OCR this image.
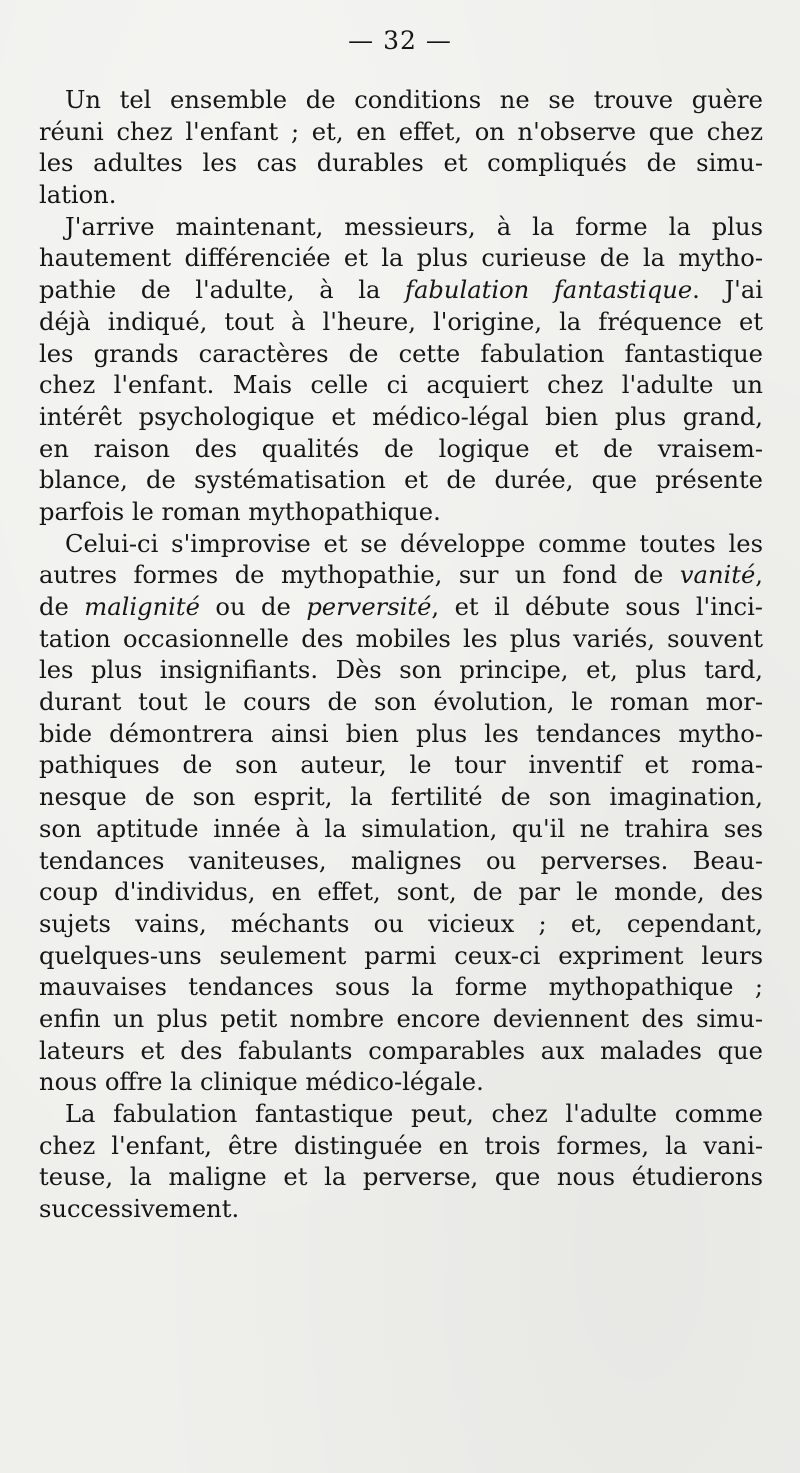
— 32 —
Un tel ensemble de conditions ne se trouve guère
réuni chez l'enfant ; et, en effet, on n'observe que chez
les adultes les cas durables et compliqués de simu-
lation.
J'arrive maintenant, messieurs, à la forme la plus
hautement différenciée et la plus curieuse de la mytho-
pathie de l'adulte, à la fabulation fantastique. J'ai
déjà indiqué, tout à l'heure, l'origine, la fréquence et
les grands caractères de cette fabulation fantastique
chez l'enfant. Mais celle ci acquiert chez l'adulte un
intérêt psychologique et médico-légal bien plus grand,
en raison des qualités de logique et de vraisem-
blance, de systématisation et de durée, que présente
parfois le roman mythopathique.
Celui-ci s'improvise et se développe comme toutes les
autres formes de mythopathie, sur un fond de vanité,
de malignité ou de perversité, et il débute sous l'inci-
tation occasionnelle des mobiles les plus variés, souvent
les plus insignifiants. Dès son principe, et, plus tard,
durant tout le cours de son évolution, le roman mor-
bide démontrera ainsi bien plus les tendances mytho-
pathiques de son auteur, le tour inventif et roma-
nesque de son esprit, la fertilité de son imagination,
son aptitude innée à la simulation, qu'il ne trahira ses
tendances vaniteuses, malignes ou perverses. Beau-
coup d'individus, en effet, sont, de par le monde, des
sujets vains, méchants ou vicieux ; et, cependant,
quelques-uns seulement parmi ceux-ci expriment leurs
mauvaises tendances sous la forme mythopathique ;
enfin un plus petit nombre encore deviennent des simu-
lateurs et des fabulants comparables aux malades que
nous offre la clinique médico-légale.
La fabulation fantastique peut, chez l'adulte comme
chez l'enfant, être distinguée en trois formes, la vani-
teuse, la maligne et la perverse, que nous étudierons
successivement.
